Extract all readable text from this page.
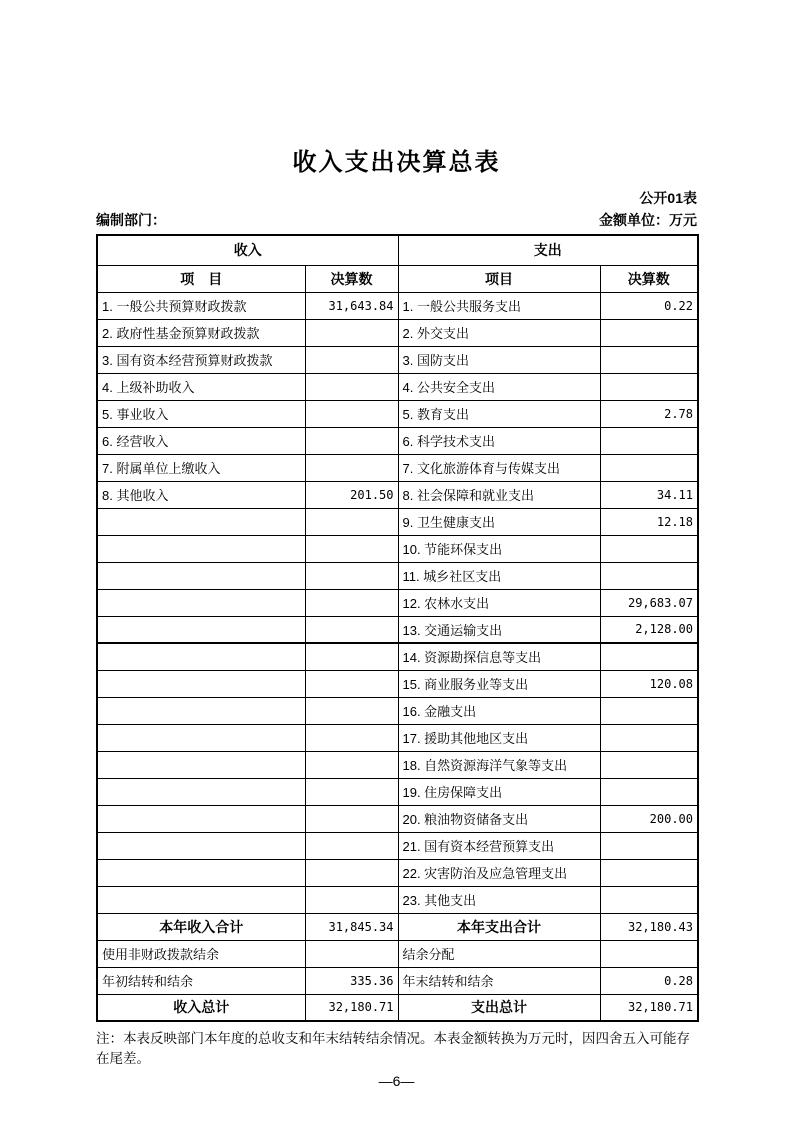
收入支出决算总表
公开01表
编制部门：	金额单位：万元
收入		支出	
项　目	决算数	项目	决算数
1. 一般公共预算财政拨款	31,643.84	1. 一般公共服务支出	0.22
2. 政府性基金预算财政拨款		2. 外交支出	
3. 国有资本经营预算财政拨款		3. 国防支出	
4. 上级补助收入		4. 公共安全支出	
5. 事业收入		5. 教育支出	2.78
6. 经营收入		6. 科学技术支出	
7. 附属单位上缴收入		7. 文化旅游体育与传媒支出	
8. 其他收入	201.50	8. 社会保障和就业支出	34.11
		9. 卫生健康支出	12.18
		10. 节能环保支出	
		11. 城乡社区支出	
		12. 农林水支出	29,683.07
		13. 交通运输支出	2,128.00
		14. 资源勘探信息等支出	
		15. 商业服务业等支出	120.08
		16. 金融支出	
		17. 援助其他地区支出	
		18. 自然资源海洋气象等支出	
		19. 住房保障支出	
		20. 粮油物资储备支出	200.00
		21. 国有资本经营预算支出	
		22. 灾害防治及应急管理支出	
		23. 其他支出	
本年收入合计	31,845.34	本年支出合计	32,180.43
使用非财政拨款结余		结余分配	
年初结转和结余	335.36	年末结转和结余	0.28
收入总计	32,180.71	支出总计	32,180.71
注：本表反映部门本年度的总收支和年末结转结余情况。本表金额转换为万元时，因四舍五入可能存在尾差。
—6—
